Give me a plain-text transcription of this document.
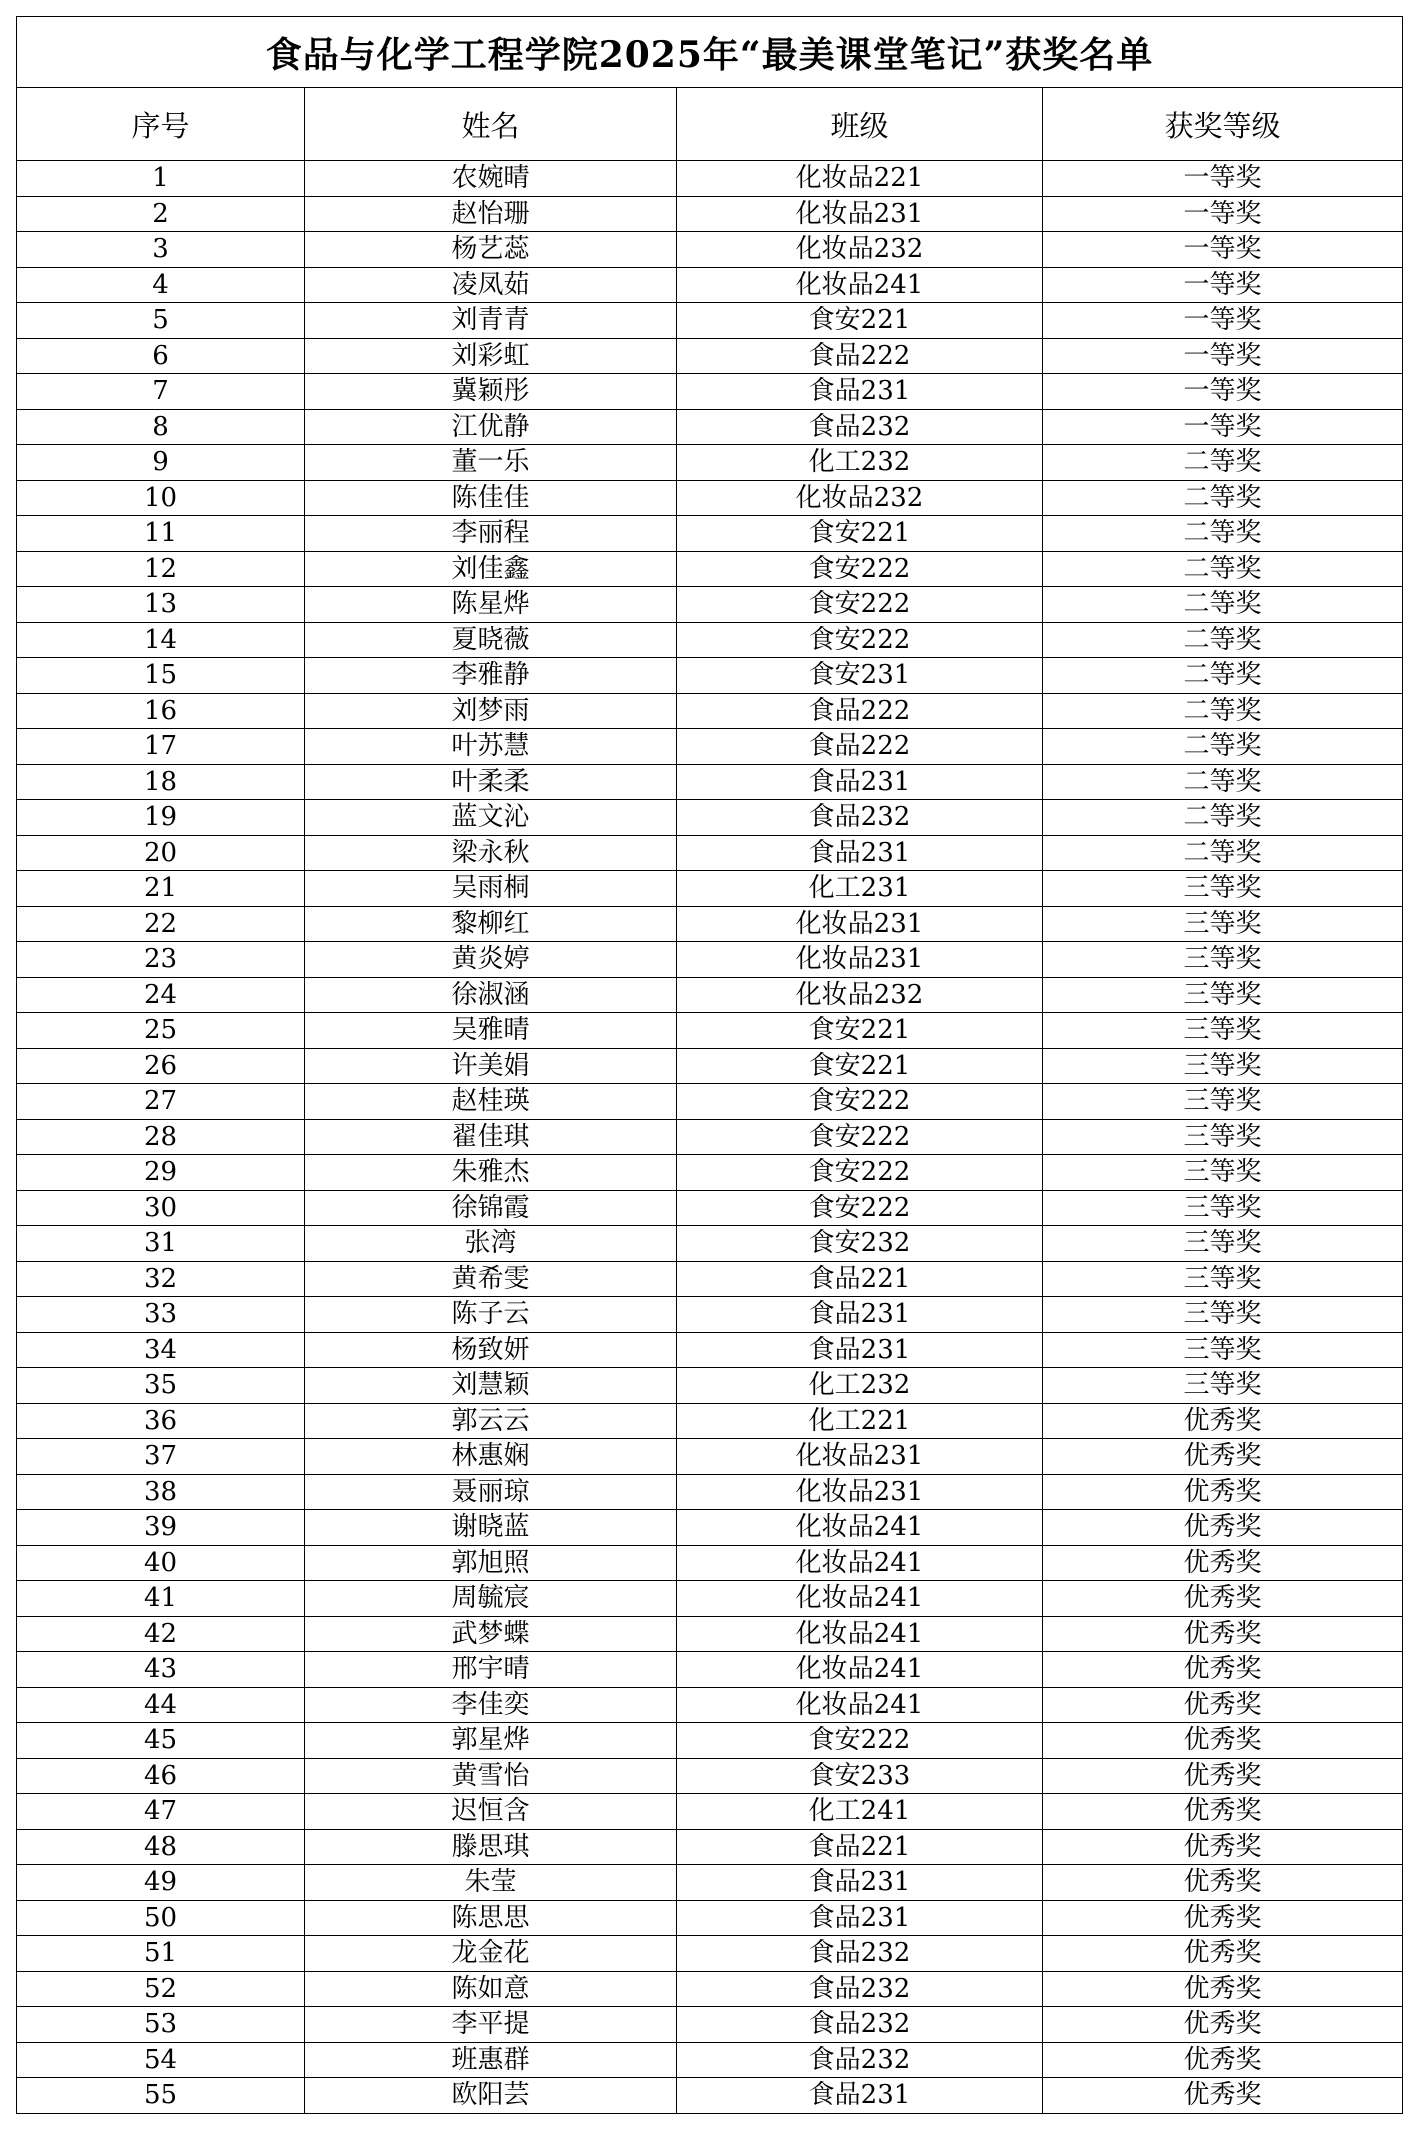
食品与化学工程学院2025年“最美课堂笔记”获奖名单			
序号	姓名	班级	获奖等级
1	农婉晴	化妆品221	一等奖
2	赵怡珊	化妆品231	一等奖
3	杨艺蕊	化妆品232	一等奖
4	凌凤茹	化妆品241	一等奖
5	刘青青	食安221	一等奖
6	刘彩虹	食品222	一等奖
7	冀颖彤	食品231	一等奖
8	江优静	食品232	一等奖
9	董一乐	化工232	二等奖
10	陈佳佳	化妆品232	二等奖
11	李丽程	食安221	二等奖
12	刘佳鑫	食安222	二等奖
13	陈星烨	食安222	二等奖
14	夏晓薇	食安222	二等奖
15	李雅静	食安231	二等奖
16	刘梦雨	食品222	二等奖
17	叶苏慧	食品222	二等奖
18	叶柔柔	食品231	二等奖
19	蓝文沁	食品232	二等奖
20	梁永秋	食品231	二等奖
21	吴雨桐	化工231	三等奖
22	黎柳红	化妆品231	三等奖
23	黄炎婷	化妆品231	三等奖
24	徐淑涵	化妆品232	三等奖
25	吴雅晴	食安221	三等奖
26	许美娟	食安221	三等奖
27	赵桂瑛	食安222	三等奖
28	翟佳琪	食安222	三等奖
29	朱雅杰	食安222	三等奖
30	徐锦霞	食安222	三等奖
31	张湾	食安232	三等奖
32	黄希雯	食品221	三等奖
33	陈子云	食品231	三等奖
34	杨致妍	食品231	三等奖
35	刘慧颖	化工232	三等奖
36	郭云云	化工221	优秀奖
37	林惠娴	化妆品231	优秀奖
38	聂丽琼	化妆品231	优秀奖
39	谢晓蓝	化妆品241	优秀奖
40	郭旭照	化妆品241	优秀奖
41	周毓宸	化妆品241	优秀奖
42	武梦蝶	化妆品241	优秀奖
43	邢宇晴	化妆品241	优秀奖
44	李佳奕	化妆品241	优秀奖
45	郭星烨	食安222	优秀奖
46	黄雪怡	食安233	优秀奖
47	迟恒含	化工241	优秀奖
48	滕思琪	食品221	优秀奖
49	朱莹	食品231	优秀奖
50	陈思思	食品231	优秀奖
51	龙金花	食品232	优秀奖
52	陈如意	食品232	优秀奖
53	李平提	食品232	优秀奖
54	班惠群	食品232	优秀奖
55	欧阳芸	食品231	优秀奖
